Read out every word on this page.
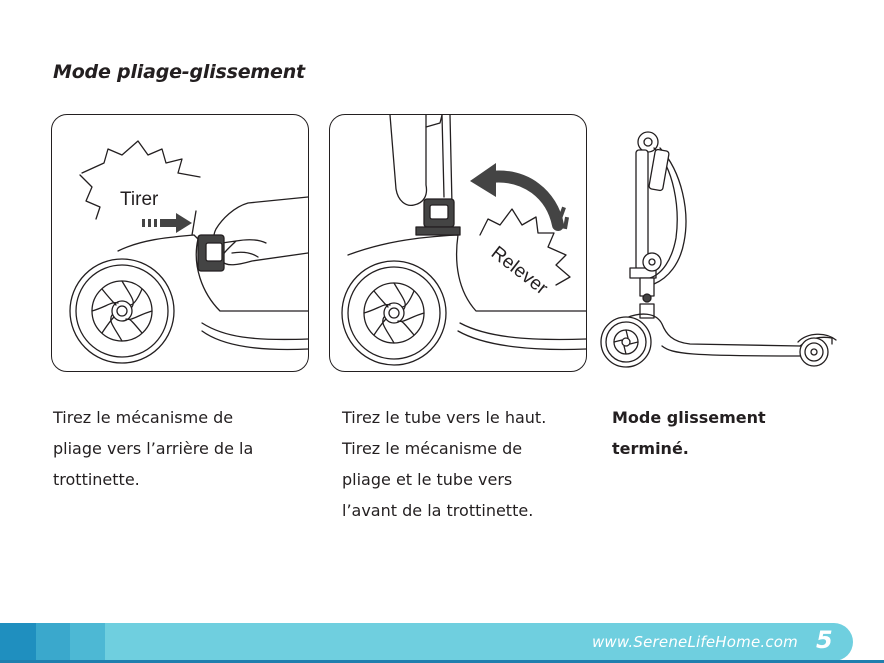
Mode pliage-glissement
Tirer
Relever

Tirez le mécanisme de
pliage vers l’arrière de la
trottinette.

Tirez le tube vers le haut.
Tirez le mécanisme de
pliage et le tube vers
l’avant de la trottinette.

Mode glissement
terminé.

www.SereneLifeHome.com 5
